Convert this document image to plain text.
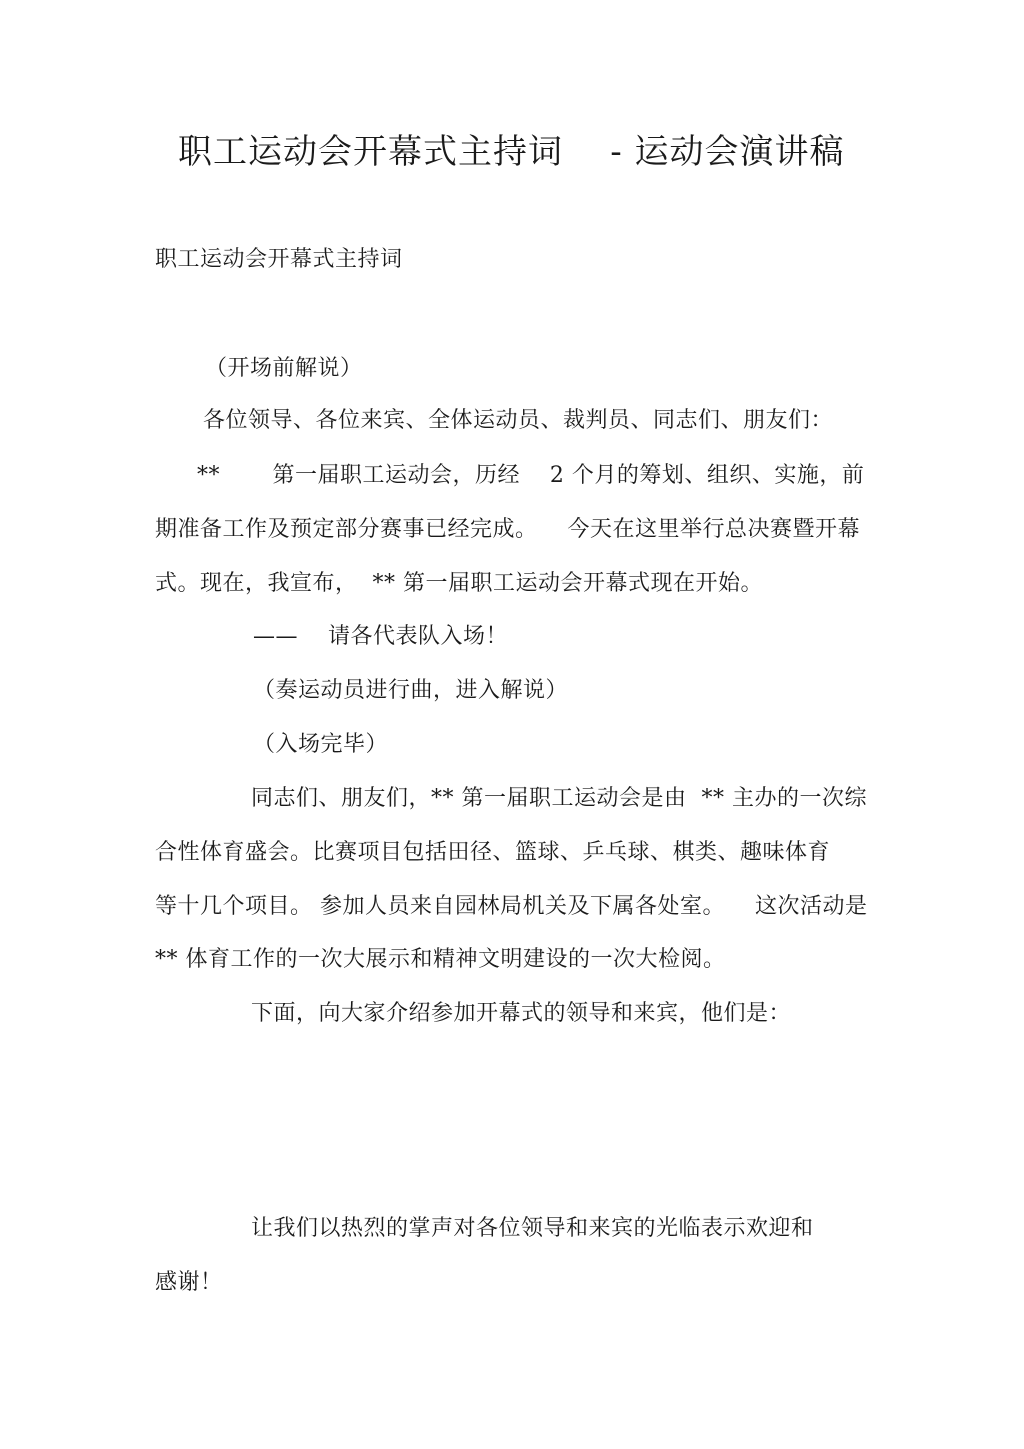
职工运动会开幕式主持词    - 运动会演讲稿
职工运动会开幕式主持词
（开场前解说）
各位领导、各位来宾、全体运动员、裁判员、同志们、朋友们：
**       第一届职工运动会，历经    2 个月的筹划、组织、实施，前
期准备工作及预定部分赛事已经完成。    今天在这里举行总决赛暨开幕
式。现在，我宣布，  ** 第一届职工运动会开幕式现在开始。
——    请各代表队入场！
（奏运动员进行曲，进入解说）
（入场完毕）
同志们、朋友们，** 第一届职工运动会是由  ** 主办的一次综
合性体育盛会。比赛项目包括田径、篮球、乒乓球、棋类、趣味体育
等十几个项目。 参加人员来自园林局机关及下属各处室。    这次活动是
** 体育工作的一次大展示和精神文明建设的一次大检阅。
下面，向大家介绍参加开幕式的领导和来宾，他们是：
让我们以热烈的掌声对各位领导和来宾的光临表示欢迎和
感谢！
